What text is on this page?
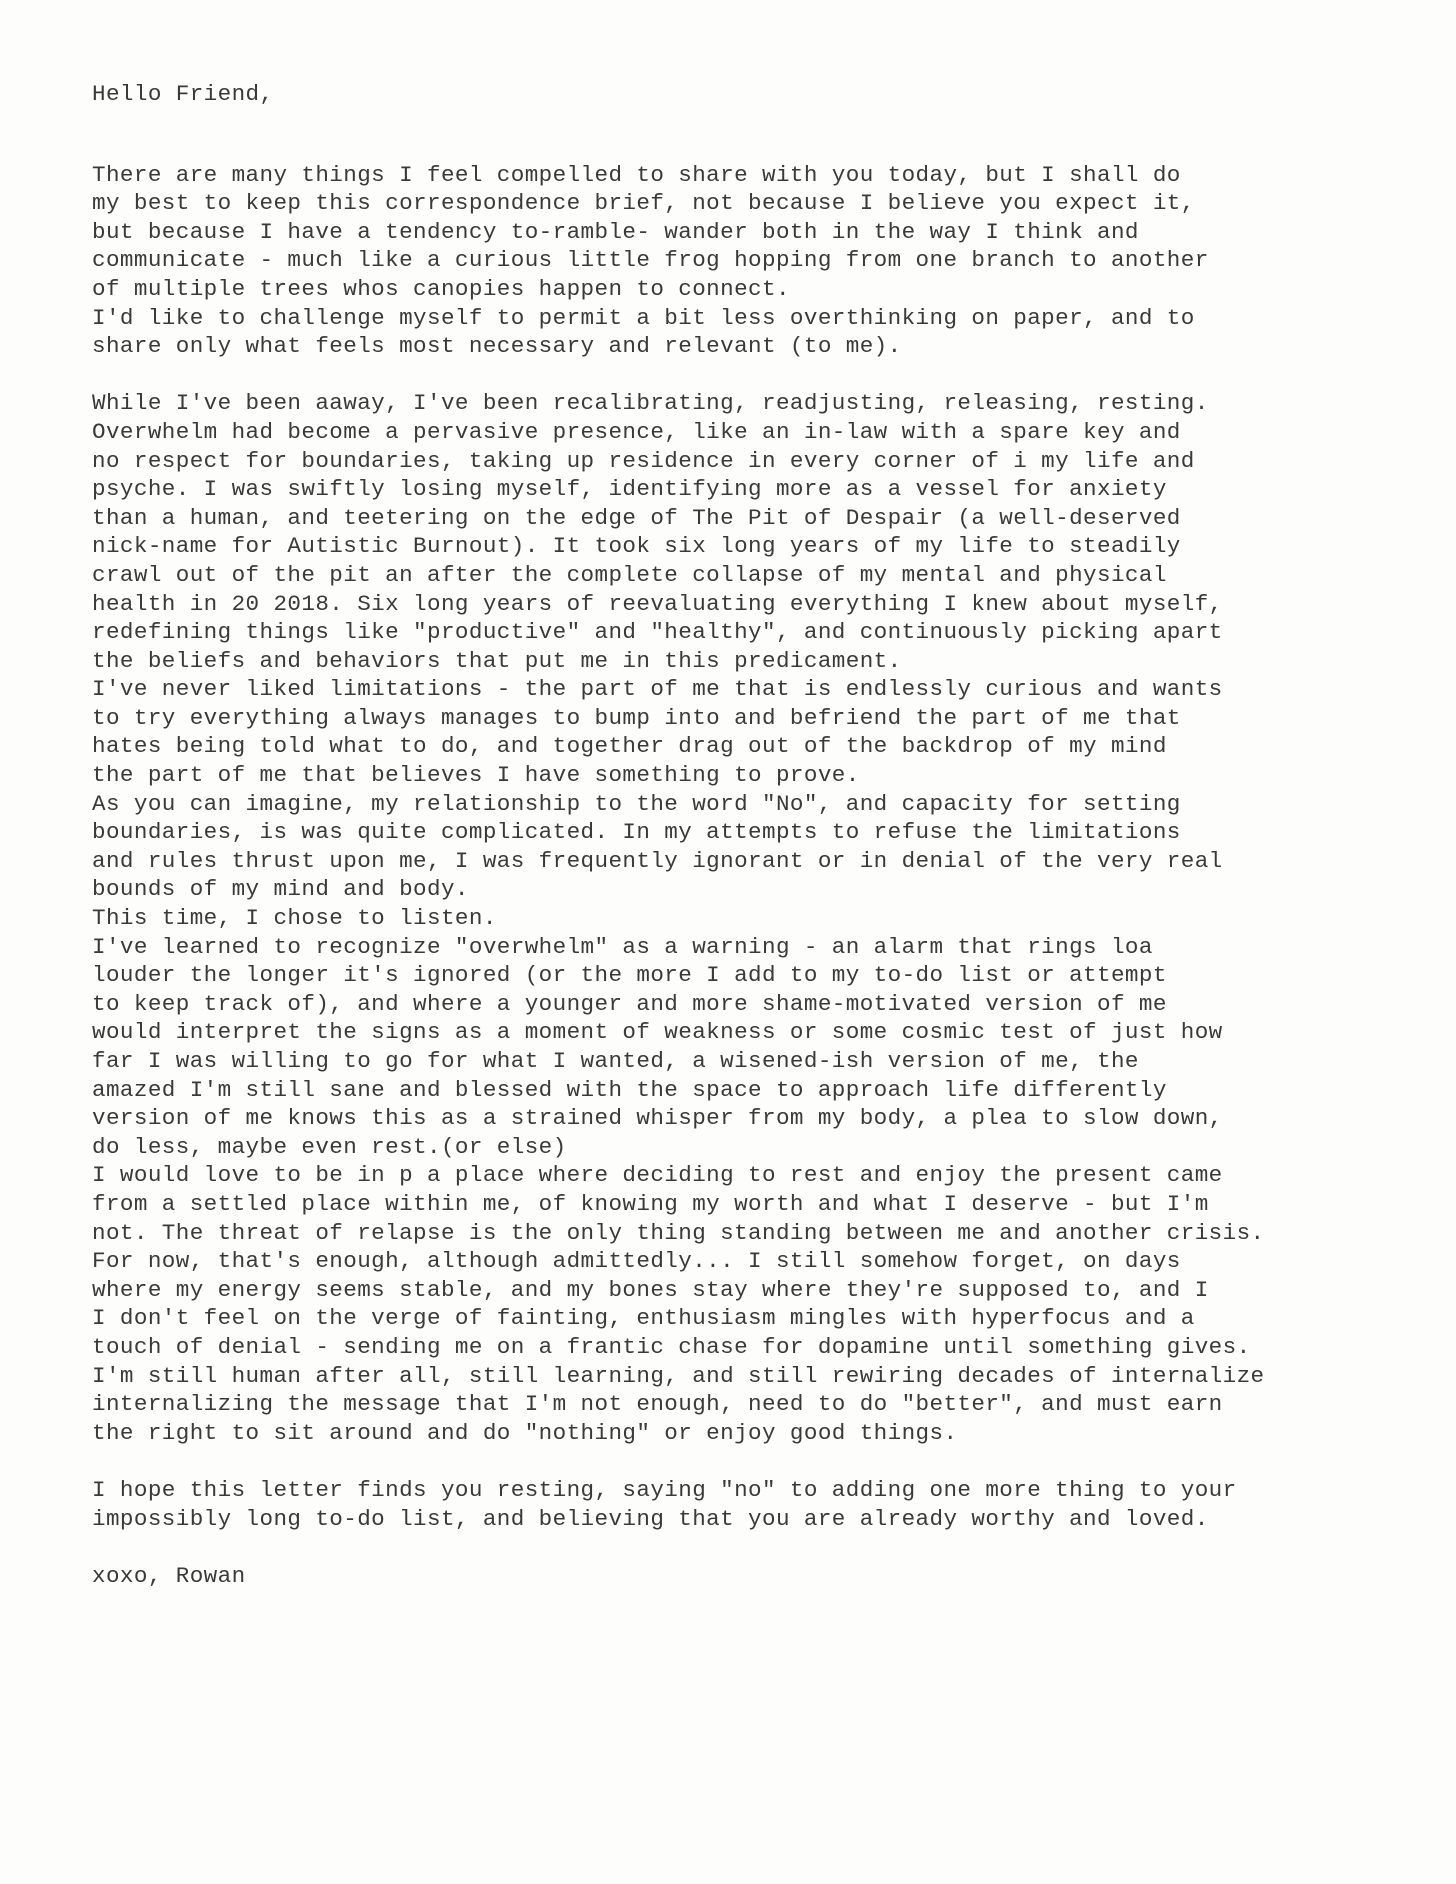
Hello Friend,
There are many things I feel compelled to share with you today, but I shall do
my best to keep this correspondence brief, not because I believe you expect it,
but because I have a tendency to-ramble- wander both in the way I think and
communicate - much like a curious little frog hopping from one branch to another
of multiple trees whos canopies happen to connect.
I'd like to challenge myself to permit a bit less overthinking on paper, and to
share only what feels most necessary and relevant (to me).
While I've been aaway, I've been recalibrating, readjusting, releasing, resting.
Overwhelm had become a pervasive presence, like an in-law with a spare key and
no respect for boundaries, taking up residence in every corner of i my life and
psyche. I was swiftly losing myself, identifying more as a vessel for anxiety
than a human, and teetering on the edge of The Pit of Despair (a well-deserved
nick-name for Autistic Burnout). It took six long years of my life to steadily
crawl out of the pit an after the complete collapse of my mental and physical
health in 20 2018. Six long years of reevaluating everything I knew about myself,
redefining things like "productive" and "healthy", and continuously picking apart
the beliefs and behaviors that put me in this predicament.
I've never liked limitations - the part of me that is endlessly curious and wants
to try everything always manages to bump into and befriend the part of me that
hates being told what to do, and together drag out of the backdrop of my mind
the part of me that believes I have something to prove.
As you can imagine, my relationship to the word "No", and capacity for setting
boundaries, is was quite complicated. In my attempts to refuse the limitations
and rules thrust upon me, I was frequently ignorant or in denial of the very real
bounds of my mind and body.
This time, I chose to listen.
I've learned to recognize "overwhelm" as a warning - an alarm that rings loa
louder the longer it's ignored (or the more I add to my to-do list or attempt
to keep track of), and where a younger and more shame-motivated version of me
would interpret the signs as a moment of weakness or some cosmic test of just how
far I was willing to go for what I wanted, a wisened-ish version of me, the
amazed I'm still sane and blessed with the space to approach life differently
version of me knows this as a strained whisper from my body, a plea to slow down,
do less, maybe even rest.(or else)
I would love to be in p a place where deciding to rest and enjoy the present came
from a settled place within me, of knowing my worth and what I deserve - but I'm
not. The threat of relapse is the only thing standing between me and another crisis.
For now, that's enough, although admittedly... I still somehow forget, on days
where my energy seems stable, and my bones stay where they're supposed to, and I
I don't feel on the verge of fainting, enthusiasm mingles with hyperfocus and a
touch of denial - sending me on a frantic chase for dopamine until something gives.
I'm still human after all, still learning, and still rewiring decades of internalize
internalizing the message that I'm not enough, need to do "better", and must earn
the right to sit around and do "nothing" or enjoy good things.
I hope this letter finds you resting, saying "no" to adding one more thing to your
impossibly long to-do list, and believing that you are already worthy and loved.
xoxo, Rowan
